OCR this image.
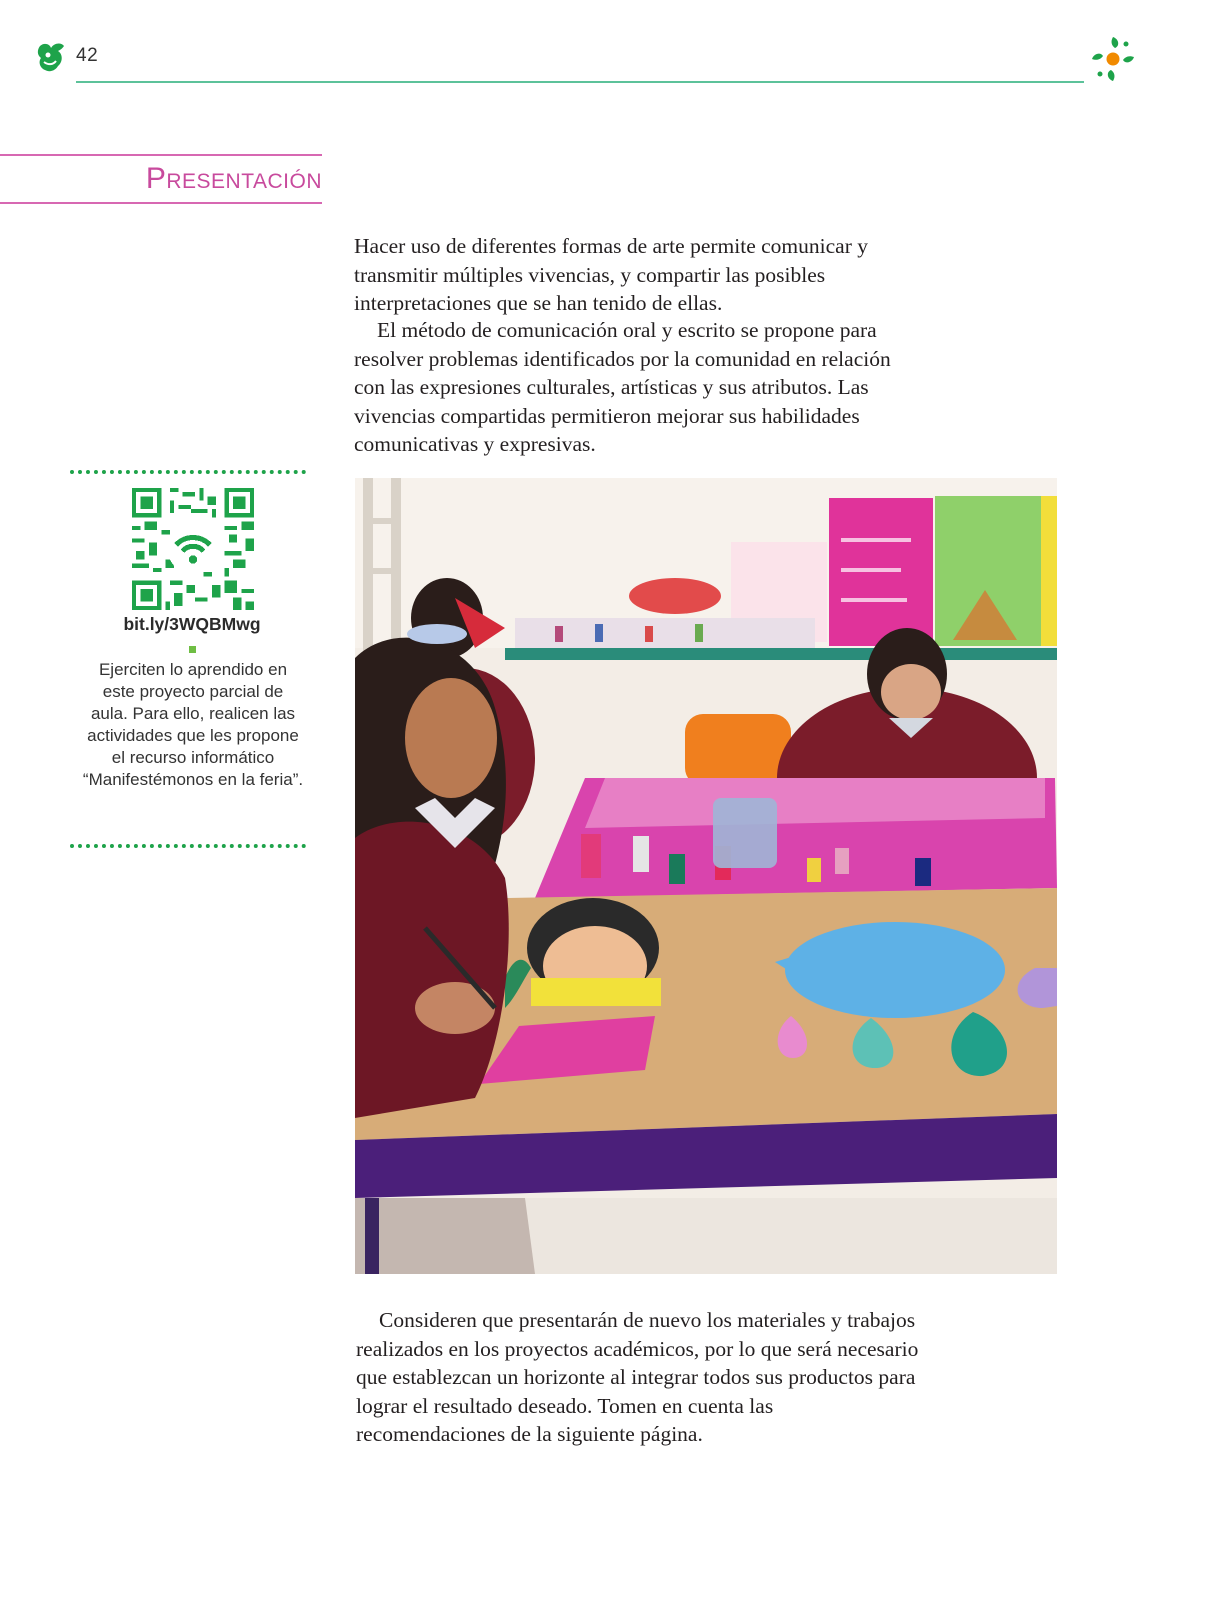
42
Presentación

Hacer uso de diferentes formas de arte permite comunicar y transmitir múltiples vivencias, y compartir las posibles interpretaciones que se han tenido de ellas.

El método de comunicación oral y escrito se propone para resolver problemas identificados por la comunidad en relación con las expresiones culturales, artísticas y sus atributos. Las vivencias compartidas permitieron mejorar sus habilidades comunicativas y expresivas.

bit.ly/3WQBMwg

Ejerciten lo aprendido en este proyecto parcial de aula. Para ello, realicen las actividades que les propone el recurso informático “Manifestémonos en la feria”.

Consideren que presentarán de nuevo los materiales y trabajos realizados en los proyectos académicos, por lo que será necesario que establezcan un horizonte al integrar todos sus productos para lograr el resultado deseado. Tomen en cuenta las recomendaciones de la siguiente página.
